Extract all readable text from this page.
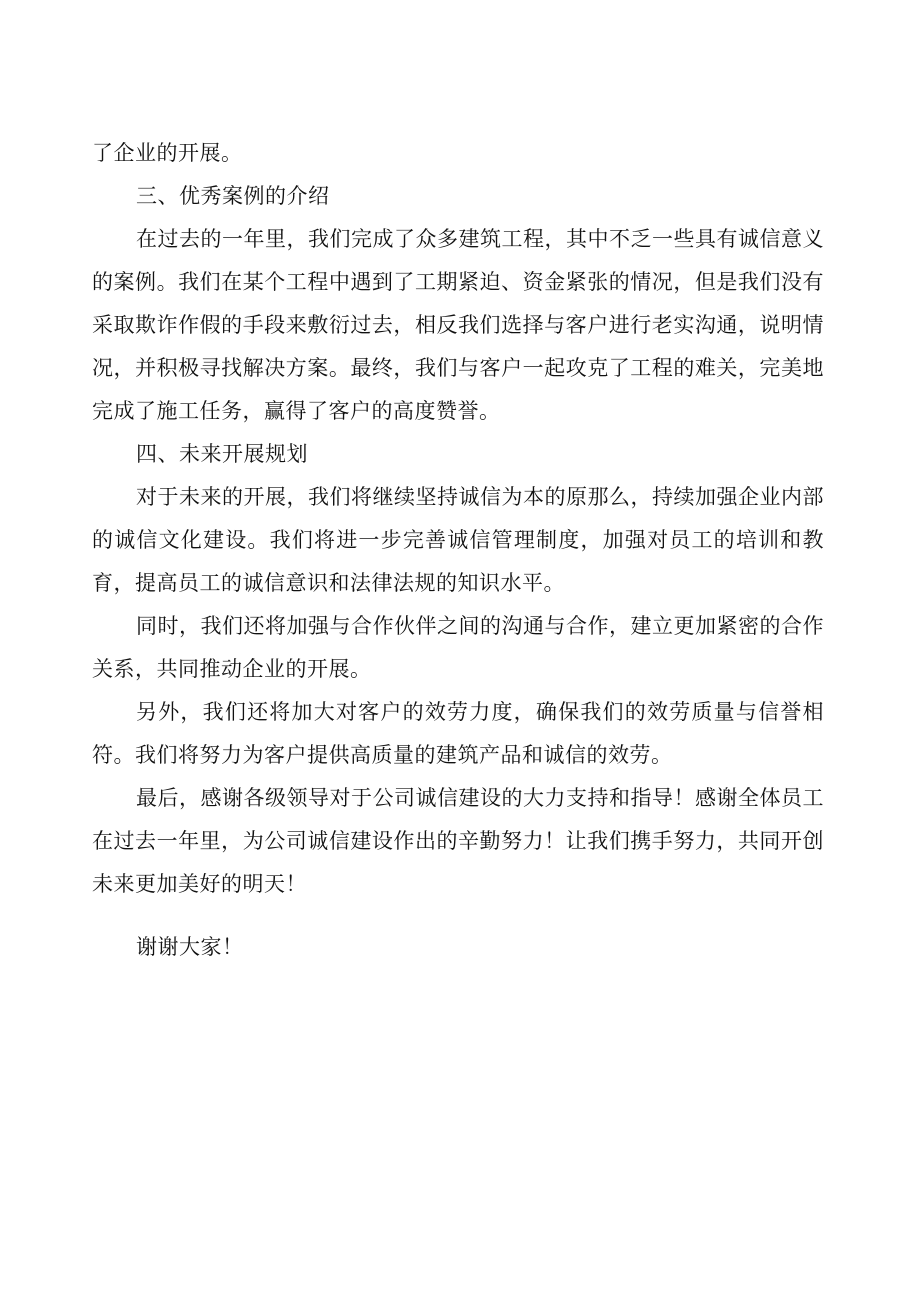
了企业的开展。

三、优秀案例的介绍

在过去的一年里，我们完成了众多建筑工程，其中不乏一些具有诚信意义的案例。我们在某个工程中遇到了工期紧迫、资金紧张的情况，但是我们没有采取欺诈作假的手段来敷衍过去，相反我们选择与客户进行老实沟通，说明情况，并积极寻找解决方案。最终，我们与客户一起攻克了工程的难关，完美地完成了施工任务，赢得了客户的高度赞誉。

四、未来开展规划

对于未来的开展，我们将继续坚持诚信为本的原那么，持续加强企业内部的诚信文化建设。我们将进一步完善诚信管理制度，加强对员工的培训和教育，提高员工的诚信意识和法律法规的知识水平。

同时，我们还将加强与合作伙伴之间的沟通与合作，建立更加紧密的合作关系，共同推动企业的开展。

另外，我们还将加大对客户的效劳力度，确保我们的效劳质量与信誉相符。我们将努力为客户提供高质量的建筑产品和诚信的效劳。

最后，感谢各级领导对于公司诚信建设的大力支持和指导！感谢全体员工在过去一年里，为公司诚信建设作出的辛勤努力！让我们携手努力，共同开创未来更加美好的明天！

谢谢大家！
